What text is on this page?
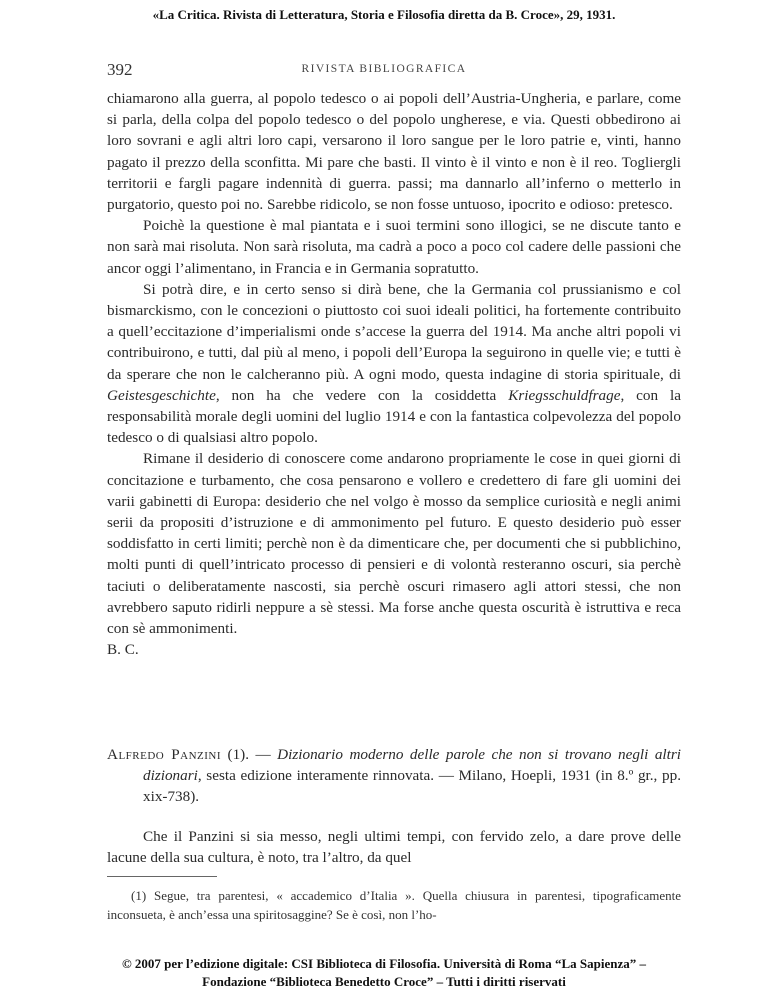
«La Critica. Rivista di Letteratura, Storia e Filosofia diretta da B. Croce», 29, 1931.
392	RIVISTA BIBLIOGRAFICA

chiamarono alla guerra, al popolo tedesco o ai popoli dell’Austria-Ungheria, e parlare, come si parla, della colpa del popolo tedesco o del popolo ungherese, e via. Questi obbedirono ai loro sovrani e agli altri loro capi, versarono il loro sangue per le loro patrie e, vinti, hanno pagato il prezzo della sconfitta. Mi pare che basti. Il vinto è il vinto e non è il reo. Togliergli territorii e fargli pagare indennità di guerra. passi; ma dannarlo all’inferno o metterlo in purgatorio, questo poi no. Sarebbe ridicolo, se non fosse untuoso, ipocrito e odioso: pretesco.

Poichè la questione è mal piantata e i suoi termini sono illogici, se ne discute tanto e non sarà mai risoluta. Non sarà risoluta, ma cadrà a poco a poco col cadere delle passioni che ancor oggi l’alimentano, in Francia e in Germania sopratutto.

Si potrà dire, e in certo senso si dirà bene, che la Germania col prussianismo e col bismarckismo, con le concezioni o piuttosto coi suoi ideali politici, ha fortemente contribuito a quell’eccitazione d’imperialismi onde s’accese la guerra del 1914. Ma anche altri popoli vi contribuirono, e tutti, dal più al meno, i popoli dell’Europa la seguirono in quelle vie; e tutti è da sperare che non le calcheranno più. A ogni modo, questa indagine di storia spirituale, di Geistesgeschichte, non ha che vedere con la cosiddetta Kriegsschuldfrage, con la responsabilità morale degli uomini del luglio 1914 e con la fantastica colpevolezza del popolo tedesco o di qualsiasi altro popolo.

Rimane il desiderio di conoscere come andarono propriamente le cose in quei giorni di concitazione e turbamento, che cosa pensarono e vollero e credettero di fare gli uomini dei varii gabinetti di Europa: desiderio che nel volgo è mosso da semplice curiosità e negli animi serii da propositi d’istruzione e di ammonimento pel futuro. E questo desiderio può esser soddisfatto in certi limiti; perchè non è da dimenticare che, per documenti che si pubblichino, molti punti di quell’intricato processo di pensieri e di volontà resteranno oscuri, sia perchè taciuti o deliberatamente nascosti, sia perchè oscuri rimasero agli attori stessi, che non avrebbero saputo ridirli neppure a sè stessi. Ma forse anche questa oscurità è istruttiva e reca con sè ammonimenti.

B. C.

Alfredo Panzini (1). — Dizionario moderno delle parole che non si trovano negli altri dizionari, sesta edizione interamente rinnovata. — Milano, Hoepli, 1931 (in 8.º gr., pp. xix-738).

Che il Panzini si sia messo, negli ultimi tempi, con fervido zelo, a dare prove delle lacune della sua cultura, è noto, tra l’altro, da quel

(1) Segue, tra parentesi, « accademico d’Italia ». Quella chiusura in parentesi, tipograficamente inconsueta, è anch’essa una spiritosaggine? Se è così, non l’ho-

© 2007 per l’edizione digitale: CSI Biblioteca di Filosofia. Università di Roma “La Sapienza” –
Fondazione “Biblioteca Benedetto Croce” – Tutti i diritti riservati
